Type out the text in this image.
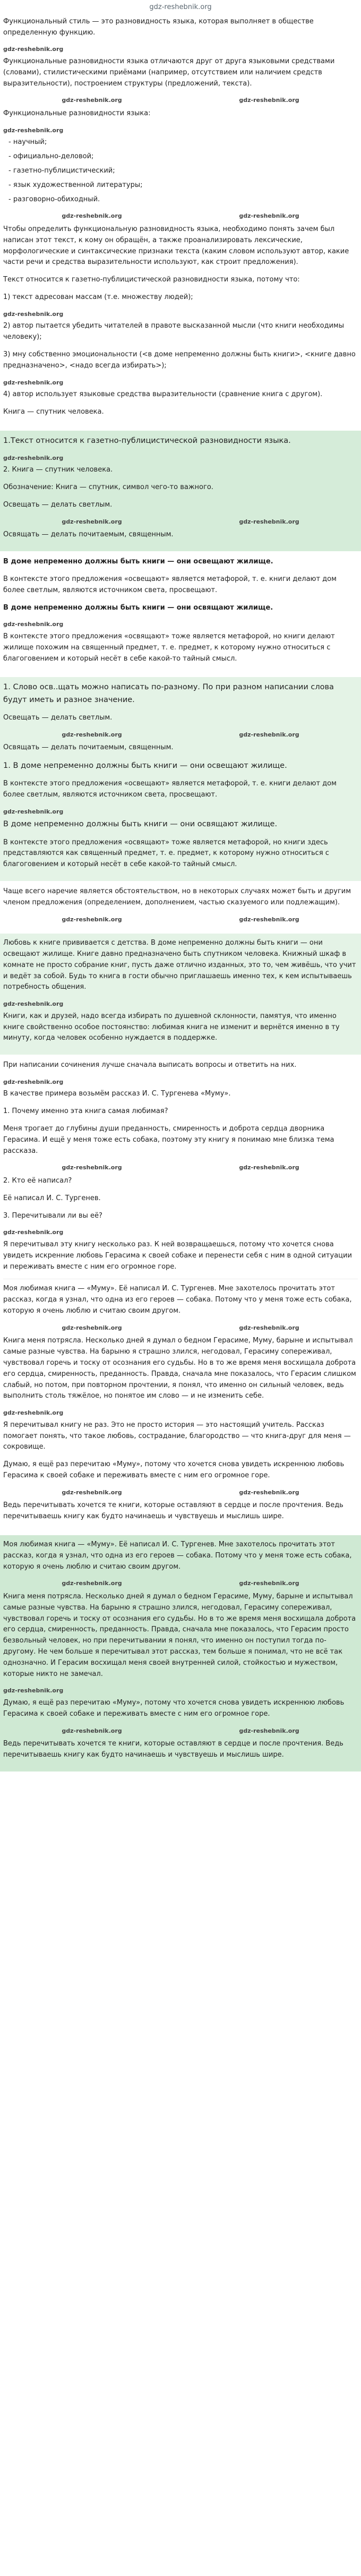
gdz-reshebnik.org

Функциональный стиль — это разновидность языка, которая выполняет в обществе определенную функцию.

gdz-reshebnik.org

Функциональные разновидности языка отличаются друг от друга языковыми средствами (словами), стилистическими приёмами (например, отсутствием или наличием средств выразительности), построением структуры (предложений, текста).

gdz-reshebnik.org	gdz-reshebnik.org

Функциональные разновидности языка:

gdz-reshebnik.org
- научный;
- официально-деловой;
- газетно-публицистический;
- язык художественной литературы;
- разговорно-обиходный.
gdz-reshebnik.org	gdz-reshebnik.org

Чтобы определить функциональную разновидность языка, необходимо понять зачем был написан этот текст, к кому он обращён, а также проанализировать лексические, морфологические и синтаксические признаки текста (каким словом используют автор, какие части речи и средства выразительности используют, как строит предложения).

Текст относится к газетно-публицистической разновидности языка, потому что:

1) текст адресован массам (т.е. множеству людей);

gdz-reshebnik.org

2) автор пытается убедить читателей в правоте высказанной мысли (что книги необходимы человеку);

3) мну собственно эмоциональности (<в доме непременно должны быть книги>, <книге давно предназначено>, <надо всегда избирать>);

gdz-reshebnik.org

4) автор использует языковые средства выразительности (сравнение книга с другом).

Книга — спутник человека.

1.Текст относится к газетно-публицистической разновидности языка.

gdz-reshebnik.org

2. Книга — спутник человека.

Обозначение: Книга — спутник, символ чего-то важного.

Освещать — делать светлым.

gdz-reshebnik.org	gdz-reshebnik.org

Освящать — делать почитаемым, священным.

В доме непременно должны быть книги — они освещают жилище.

В контексте этого предложения «освещают» является метафорой, т. е. книги делают дом более светлым, являются источником света, просвещают.

В доме непременно должны быть книги — они освящают жилище.

gdz-reshebnik.org

В контексте этого предложения «освящают» тоже является метафорой, но книги делают жилище похожим на священный предмет, т. е. предмет, к которому нужно относиться с благоговением и который несёт в себе какой-то тайный смысл.

1. Слово осв..щать можно написать по-разному. По при разном написании слова будут иметь и разное значение.

Освещать — делать светлым.

gdz-reshebnik.org	gdz-reshebnik.org

Освящать — делать почитаемым, священным.

1. В доме непременно должны быть книги — они освещают жилище.

В контексте этого предложения «освещают» является метафорой, т. е. книги делают дом более светлым, являются источником света, просвещают.

gdz-reshebnik.org

В доме непременно должны быть книги — они освящают жилище.

В контексте этого предложения «освящают» тоже является метафорой, но книги здесь представляются как священный предмет, т. е. предмет, к которому нужно относиться с благоговением и который несёт в себе какой-то тайный смысл.

Чаще всего наречие является обстоятельством, но в некоторых случаях может быть и другим членом предложения (определением, дополнением, частью сказуемого или подлежащим).

gdz-reshebnik.org	gdz-reshebnik.org

Любовь к книге прививается с детства. В доме непременно должны быть книги — они освещают жилище. Книге давно предназначено быть спутником человека. Книжный шкаф в комнате не просто собрание книг, пусть даже отлично изданных, это то, чем живёшь, что учит и ведёт за собой. Будь то книга в гости обычно приглашаешь именно тех, к кем испытываешь потребность общения.

gdz-reshebnik.org

Книги, как и друзей, надо всегда избирать по душевной склонности, памятуя, что именно книге свойственно особое постоянство: любимая книга не изменит и вернётся именно в ту минуту, когда человек особенно нуждается в поддержке.

При написании сочинения лучше сначала выписать вопросы и ответить на них.

gdz-reshebnik.org

В качестве примера возьмём рассказ И. С. Тургенева «Муму».

1. Почему именно эта книга самая любимая?

Меня трогает до глубины души преданность, смиренность и доброта сердца дворника Герасима. И ещё у меня тоже есть собака, поэтому эту книгу я понимаю мне близка тема рассказа.

gdz-reshebnik.org	gdz-reshebnik.org

2. Кто её написал?

Её написал И. С. Тургенев.

3. Перечитывали ли вы её?

gdz-reshebnik.org

Я перечитывал эту книгу несколько раз. К ней возвращаешься, потому что хочется снова увидеть искренние любовь Герасима к своей собаке и перенести себя с ним в одной ситуации и переживать вместе с ним его огромное горе.

Моя любимая книга — «Муму». Её написал И. С. Тургенев. Мне захотелось прочитать этот рассказ, когда я узнал, что одна из его героев — собака. Потому что у меня тоже есть собака, которую я очень люблю и считаю своим другом.

gdz-reshebnik.org	gdz-reshebnik.org

Книга меня потрясла. Несколько дней я думал о бедном Герасиме, Муму, барыне и испытывал самые разные чувства. На барыню я страшно злился, негодовал, Герасиму сопереживал, чувствовал горечь и тоску от осознания его судьбы. Но в то же время меня восхищала доброта его сердца, смиренность, преданность. Правда, сначала мне показалось, что Герасим слишком слабый, но потом, при повторном прочтении, я понял, что именно он сильный человек, ведь выполнить столь тяжёлое, но понятое им слово — и не изменить себе.

gdz-reshebnik.org

Я перечитывал книгу не раз. Это не просто история — это настоящий учитель. Рассказ помогает понять, что такое любовь, сострадание, благородство — что книга-друг для меня — сокровище.

Думаю, я ещё раз перечитаю «Муму», потому что хочется снова увидеть искреннюю любовь Герасима к своей собаке и переживать вместе с ним его огромное горе.

gdz-reshebnik.org	gdz-reshebnik.org

Ведь перечитывать хочется те книги, которые оставляют в сердце и после прочтения. Ведь перечитываешь книгу как будто начинаешь и чувствуешь и мыслишь шире.

Моя любимая книга — «Муму». Её написал И. С. Тургенев. Мне захотелось прочитать этот рассказ, когда я узнал, что одна из его героев — собака. Потому что у меня тоже есть собака, которую я очень люблю и считаю своим другом.

gdz-reshebnik.org	gdz-reshebnik.org

Книга меня потрясла. Несколько дней я думал о бедном Герасиме, Муму, барыне и испытывал самые разные чувства. На барыню я страшно злился, негодовал, Герасиму сопереживал, чувствовал горечь и тоску от осознания его судьбы. Но в то же время меня восхищала доброта его сердца, смиренность, преданность. Правда, сначала мне показалось, что Герасим просто безвольный человек, но при перечитывании я понял, что именно он поступил тогда по-другому. Не чем больше я перечитывал этот рассказ, тем больше я понимал, что не всё так однозначно. И Герасим восхищал меня своей внутренней силой, стойкостью и мужеством, которые никто не замечал.

gdz-reshebnik.org

Думаю, я ещё раз перечитаю «Муму», потому что хочется снова увидеть искреннюю любовь Герасима к своей собаке и переживать вместе с ним его огромное горе.

gdz-reshebnik.org	gdz-reshebnik.org

Ведь перечитывать хочется те книги, которые оставляют в сердце и после прочтения. Ведь перечитываешь книгу как будто начинаешь и чувствуешь и мыслишь шире.
